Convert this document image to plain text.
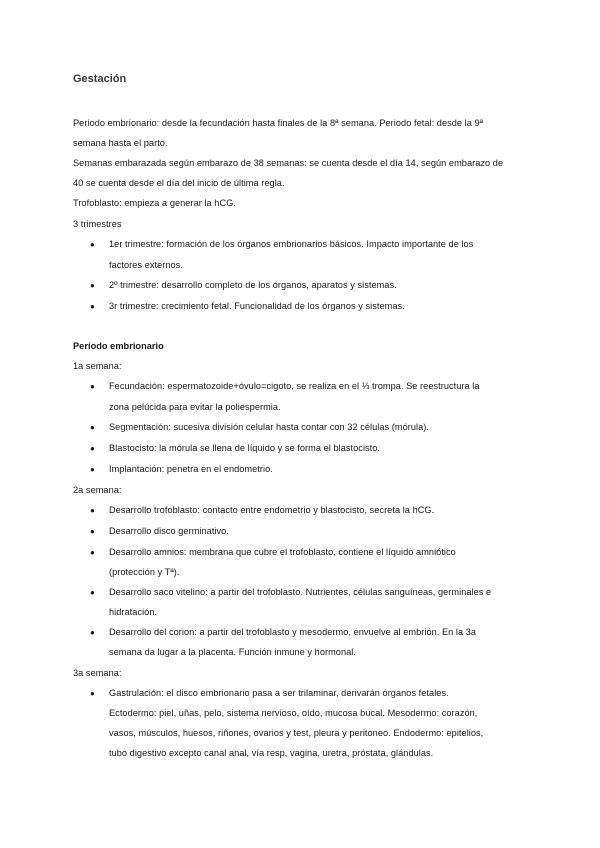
Gestación
Periodo embrionario: desde la fecundación hasta finales de la 8ª semana. Periodo fetal: desde la 9ª
semana hasta el parto.
Semanas embarazada según embarazo de 38 semanas: se cuenta desde el día 14, según embarazo de
40 se cuenta desde el día del inicio de última regla.
Trofoblasto: empieza a generar la hCG.
3 trimestres
● 1er trimestre: formación de los órganos embrionarios básicos. Impacto importante de los
factores externos.
● 2º trimestre: desarrollo completo de los órganos, aparatos y sistemas.
● 3r trimestre: crecimiento fetal. Funcionalidad de los órganos y sistemas.
Período embrionario
1a semana:
● Fecundación: espermatozoide+óvulo=cigoto, se realiza en el ⅓ trompa. Se reestructura la
zona pelúcida para evitar la poliespermia.
● Segmentación: sucesiva división celular hasta contar con 32 células (mórula).
● Blastocisto: la mórula se llena de líquido y se forma el blastocisto.
● Implantación: penetra en el endometrio.
2a semana:
● Desarrollo trofoblasto: contacto entre endometrio y blastocisto, secreta la hCG.
● Desarrollo disco germinativo.
● Desarrollo amnios: membrana que cubre el trofoblasto, contiene el líquido amniótico
(protección y Tª).
● Desarrollo saco vitelino: a partir del trofoblasto. Nutrientes, células sanguíneas, germinales e
hidratación.
● Desarrollo del corion: a partir del trofoblasto y mesodermo, envuelve al embrión. En la 3a
semana da lugar a la placenta. Función inmune y hormonal.
3a semana:
● Gastrulación: el disco embrionario pasa a ser trilaminar, derivarán órganos fetales.
Ectodermo: piel, uñas, pelo, sistema nervioso, oído, mucosa bucal. Mesodermo: corazón,
vasos, músculos, huesos, riñones, ovarios y test, pleura y peritoneo. Endodermo: epitelios,
tubo digestivo excepto canal anal, vía resp, vagina, uretra, próstata, glándulas.
